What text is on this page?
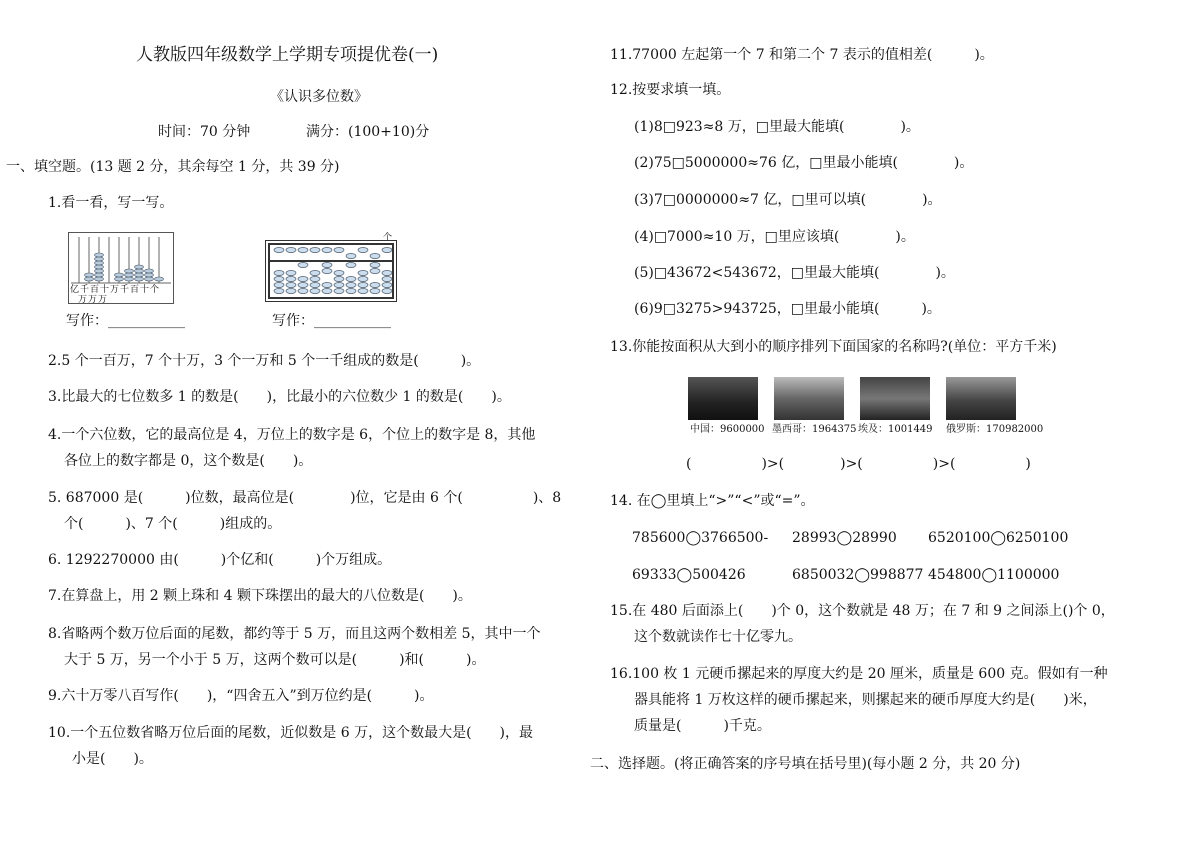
人教版四年级数学上学期专项提优卷(一)
《认识多位数》
时间：70 分钟	满分：(100+10)分
一、填空题。(13 题 2 分，其余每空 1 分，共 39 分)
1.看一看，写一写。
亿千百十万千百十个
万万万
个
写作：___________	写作：___________
2.5 个一百万，7 个十万，3 个一万和 5 个一千组成的数是(　　　)。
3.比最大的七位数多 1 的数是(　　)，比最小的六位数少 1 的数是(　　)。
4.一个六位数，它的最高位是 4，万位上的数字是 6，个位上的数字是 8，其他
各位上的数字都是 0，这个数是(　　)。
5. 687000 是(　　　)位数，最高位是(　　　　)位，它是由 6 个(　　　　　)、8
个(　　　)、7 个(　　　)组成的。
6. 1292270000 由(　　　)个亿和(　　　)个万组成。
7.在算盘上，用 2 颗上珠和 4 颗下珠摆出的最大的八位数是(　　)。
8.省略两个数万位后面的尾数，都约等于 5 万，而且这两个数相差 5，其中一个
大于 5 万，另一个小于 5 万，这两个数可以是(　　　)和(　　　)。
9.六十万零八百写作(　　)，“四舍五入”到万位约是(　　　)。
10.一个五位数省略万位后面的尾数，近似数是 6 万，这个数最大是(　　)，最
小是(　　)。
11.77000 左起第一个 7 和第二个 7 表示的值相差(　　　)。
12.按要求填一填。
(1)8□923≈8 万，□里最大能填(　　　　)。
(2)75□5000000≈76 亿，□里最小能填(　　　　)。
(3)7□0000000≈7 亿，□里可以填(　　　　)。
(4)□7000≈10 万，□里应该填(　　　　)。
(5)□43672<543672，□里最大能填(　　　　)。
(6)9□3275>943725，□里最小能填(　　　)。
13.你能按面积从大到小的顺序排列下面国家的名称吗?(单位：平方千米)
中国：9600000 墨西哥：1964375 埃及：1001449 俄罗斯：170982000
(　　　　　)>(　　　　)>(　　　　　)>(　　　　　)
14. 在◯里填上“>”“<”或“=”。
785600◯3766500- 28993◯28990 6520100◯6250100
69333◯500426	6850032◯998877 454800◯1100000
15.在 480 后面添上(　　)个 0，这个数就是 48 万；在 7 和 9 之间添上()个 0，
这个数就读作七十亿零九。
16.100 枚 1 元硬币摞起来的厚度大约是 20 厘米，质量是 600 克。假如有一种
器具能将 1 万枚这样的硬币摞起来，则摞起来的硬币厚度大约是(　　)米，
质量是(　　　)千克。
二、选择题。(将正确答案的序号填在括号里)(每小题 2 分，共 20 分)
